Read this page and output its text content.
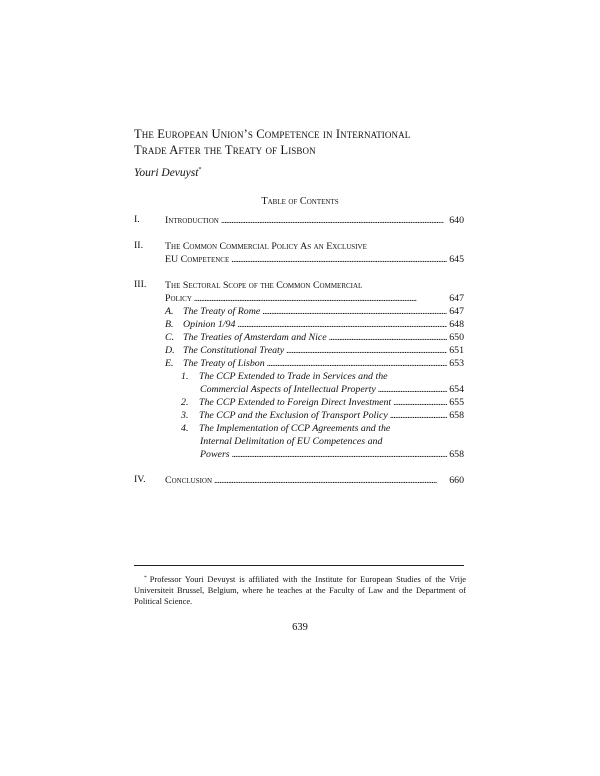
The European Union’s Competence in International
Trade After the Treaty of Lisbon
Youri Devuyst*
Table of Contents
I.	Introduction . . .	640
II. The Common Commercial Policy As an Exclusive
EU Competence . . .	645
III. The Sectoral Scope of the Common Commercial
Policy . . .	647
A. The Treaty of Rome . . .	647
B. Opinion 1/94 . . .	648
C. The Treaties of Amsterdam and Nice . . .	650
D. The Constitutional Treaty . . .	651
E. The Treaty of Lisbon . . .	653
1. The CCP Extended to Trade in Services and the
Commercial Aspects of Intellectual Property . . .	654
2. The CCP Extended to Foreign Direct Investment . . .	655
3. The CCP and the Exclusion of Transport Policy . . .	658
4. The Implementation of CCP Agreements and the
Internal Delimitation of EU Competences and
Powers . . .	658
IV. Conclusion . . .	660
* Professor Youri Devuyst is affiliated with the Institute for European Studies of the Vrije Universiteit Brussel, Belgium, where he teaches at the Faculty of Law and the Department of Political Science.
639
